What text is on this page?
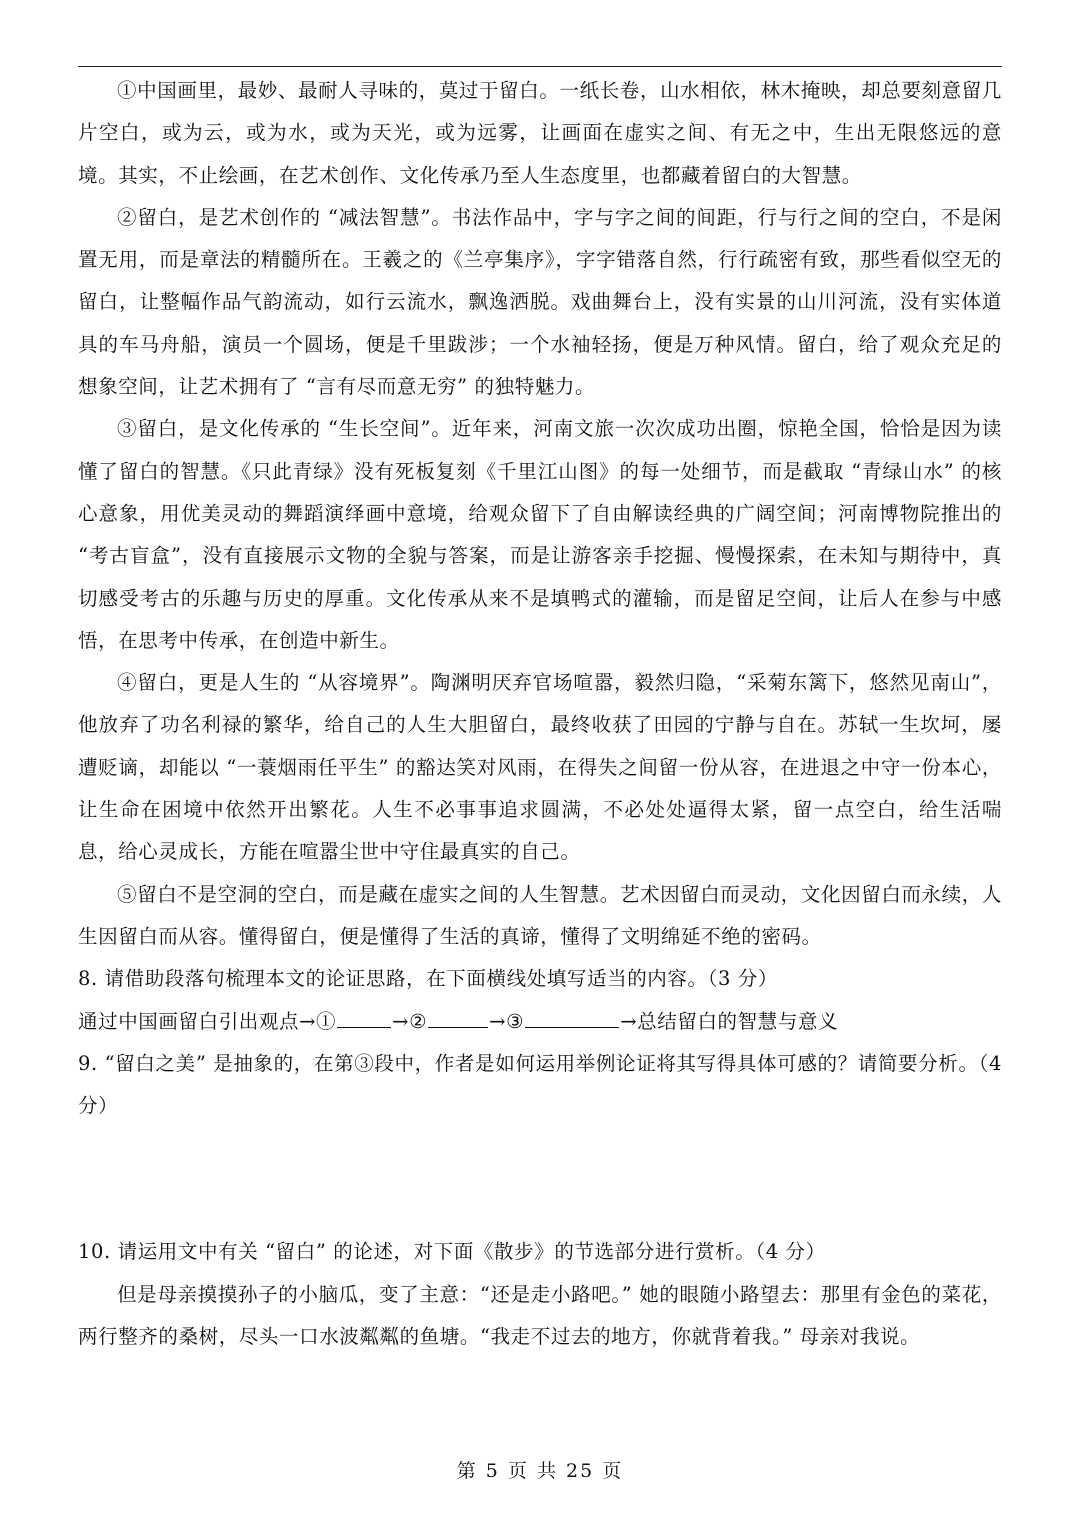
①中国画里，最妙、最耐人寻味的，莫过于留白。一纸长卷，山水相依，林木掩映，却总要刻意留几片空白，或为云，或为水，或为天光，或为远雾，让画面在虚实之间、有无之中，生出无限悠远的意境。其实，不止绘画，在艺术创作、文化传承乃至人生态度里，也都藏着留白的大智慧。

②留白，是艺术创作的 “减法智慧”。书法作品中，字与字之间的间距，行与行之间的空白，不是闲置无用，而是章法的精髓所在。王羲之的《兰亭集序》，字字错落自然，行行疏密有致，那些看似空无的留白，让整幅作品气韵流动，如行云流水，飘逸洒脱。戏曲舞台上，没有实景的山川河流，没有实体道具的车马舟船，演员一个圆场，便是千里跋涉；一个水袖轻扬，便是万种风情。留白，给了观众充足的想象空间，让艺术拥有了 “言有尽而意无穷” 的独特魅力。

③留白，是文化传承的 “生长空间”。近年来，河南文旅一次次成功出圈，惊艳全国，恰恰是因为读懂了留白的智慧。《只此青绿》没有死板复刻《千里江山图》的每一处细节，而是截取 “青绿山水” 的核心意象，用优美灵动的舞蹈演绎画中意境，给观众留下了自由解读经典的广阔空间；河南博物院推出的 “考古盲盒”，没有直接展示文物的全貌与答案，而是让游客亲手挖掘、慢慢探索，在未知与期待中，真切感受考古的乐趣与历史的厚重。文化传承从来不是填鸭式的灌输，而是留足空间，让后人在参与中感悟，在思考中传承，在创造中新生。

④留白，更是人生的 “从容境界”。陶渊明厌弃官场喧嚣，毅然归隐，“采菊东篱下，悠然见南山”，他放弃了功名利禄的繁华，给自己的人生大胆留白，最终收获了田园的宁静与自在。苏轼一生坎坷，屡遭贬谪，却能以 “一蓑烟雨任平生” 的豁达笑对风雨，在得失之间留一份从容，在进退之中守一份本心，让生命在困境中依然开出繁花。人生不必事事追求圆满，不必处处逼得太紧，留一点空白，给生活喘息，给心灵成长，方能在喧嚣尘世中守住最真实的自己。

⑤留白不是空洞的空白，而是藏在虚实之间的人生智慧。艺术因留白而灵动，文化因留白而永续，人生因留白而从容。懂得留白，便是懂得了生活的真谛，懂得了文明绵延不绝的密码。

8. 请借助段落句梳理本文的论证思路，在下面横线处填写适当的内容。（3 分）

通过中国画留白引出观点→①	→②	→③	→总结留白的智慧与意义

9. “留白之美” 是抽象的，在第③段中，作者是如何运用举例论证将其写得具体可感的？请简要分析。（4 分）

10. 请运用文中有关 “留白” 的论述，对下面《散步》的节选部分进行赏析。（4 分）

但是母亲摸摸孙子的小脑瓜，变了主意：“还是走小路吧。” 她的眼随小路望去：那里有金色的菜花，两行整齐的桑树，尽头一口水波粼粼的鱼塘。“我走不过去的地方，你就背着我。” 母亲对我说。

第 5 页 共 25 页
